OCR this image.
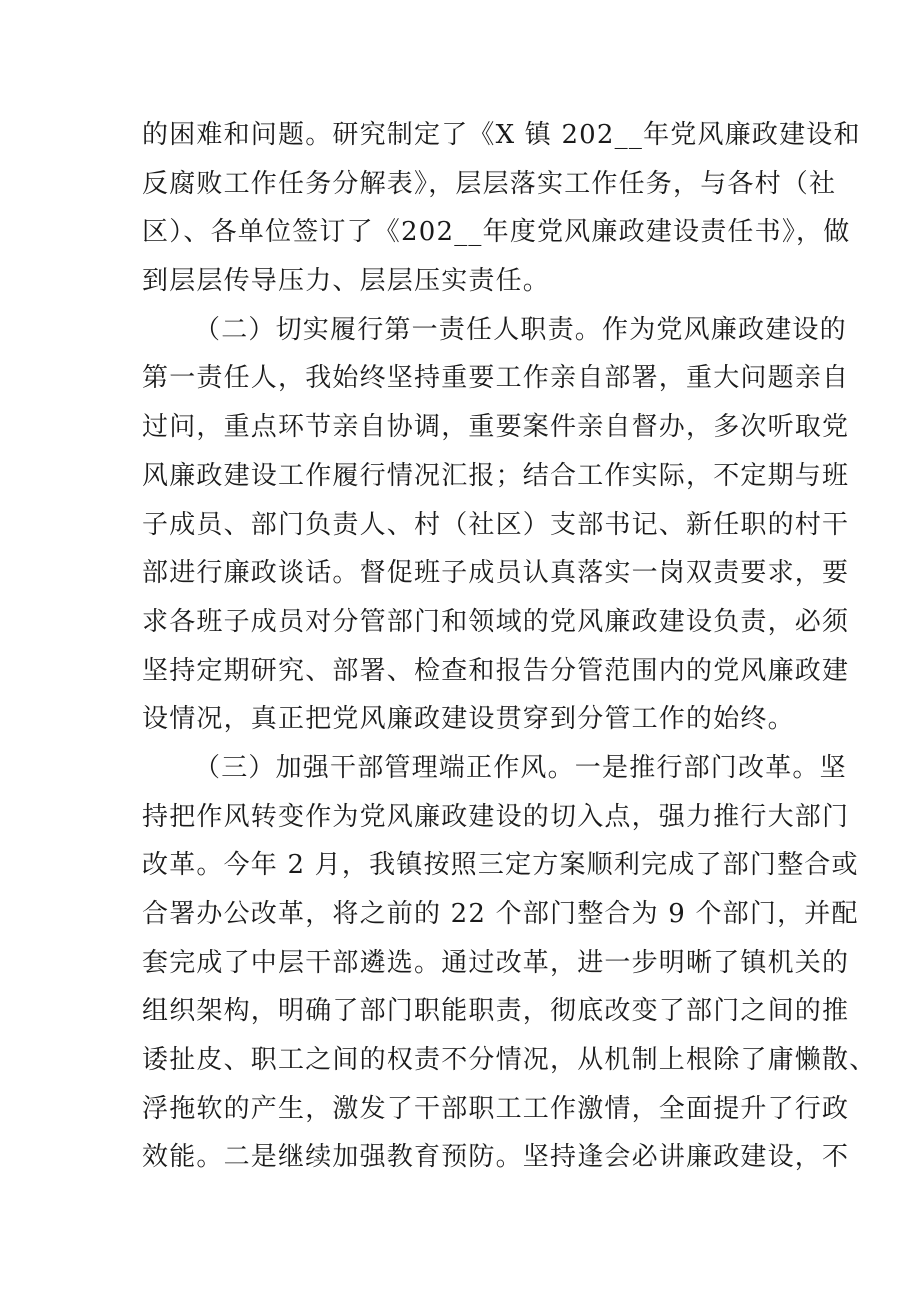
的困难和问题。研究制定了《X 镇 202__年党风廉政建设和
反腐败工作任务分解表》，层层落实工作任务，与各村（社
区）、各单位签订了《202__年度党风廉政建设责任书》，做
到层层传导压力、层层压实责任。
（二）切实履行第一责任人职责。作为党风廉政建设的
第一责任人，我始终坚持重要工作亲自部署，重大问题亲自
过问，重点环节亲自协调，重要案件亲自督办，多次听取党
风廉政建设工作履行情况汇报；结合工作实际，不定期与班
子成员、部门负责人、村（社区）支部书记、新任职的村干
部进行廉政谈话。督促班子成员认真落实一岗双责要求，要
求各班子成员对分管部门和领域的党风廉政建设负责，必须
坚持定期研究、部署、检查和报告分管范围内的党风廉政建
设情况，真正把党风廉政建设贯穿到分管工作的始终。
（三）加强干部管理端正作风。一是推行部门改革。坚
持把作风转变作为党风廉政建设的切入点，强力推行大部门
改革。今年 2 月，我镇按照三定方案顺利完成了部门整合或
合署办公改革，将之前的 22 个部门整合为 9 个部门，并配
套完成了中层干部遴选。通过改革，进一步明晰了镇机关的
组织架构，明确了部门职能职责，彻底改变了部门之间的推
诿扯皮、职工之间的权责不分情况，从机制上根除了庸懒散、
浮拖软的产生，激发了干部职工工作激情，全面提升了行政
效能。二是继续加强教育预防。坚持逢会必讲廉政建设，不
